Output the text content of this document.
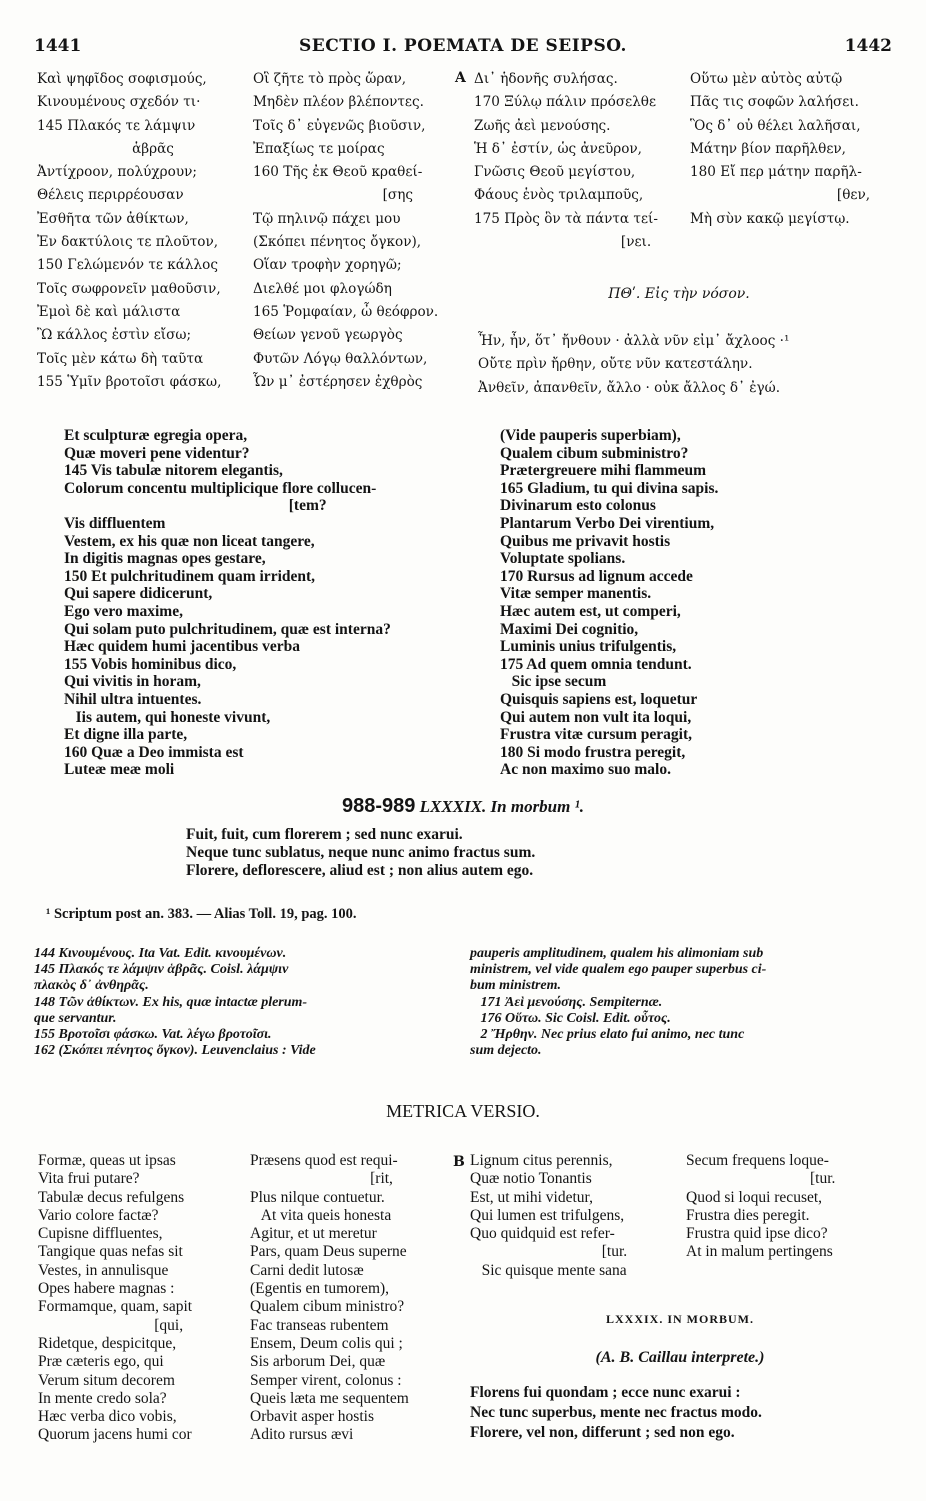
1441	SECTIO I. POEMATA DE SEIPSO.	1442
Καὶ ψηφῖδος σοφισμούς,
Κινουμένους σχεδόν τι·
145 Πλακός τε λάμψιν
ἁβρᾶς
Ἀντίχροον, πολύχρουν;
Θέλεις περιρρέουσαν
Ἐσθῆτα τῶν ἀθίκτων,
Ἐν δακτύλοις τε πλοῦτον,
150 Γελώμενόν τε κάλλος
Τοῖς σωφρονεῖν μαθοῦσιν,
Ἐμοὶ δὲ καὶ μάλιστα
Ὢ κάλλος ἐστὶν εἴσω;
Τοῖς μὲν κάτω δὴ ταῦτα
155 Ὑμῖν βροτοῖσι φάσκω,
Οἳ ζῆτε τὸ πρὸς ὥραν,
Μηδὲν πλέον βλέποντες.
Τοῖς δ᾽ εὐγενῶς βιοῦσιν,
Ἐπαξίως τε μοίρας
160 Τῆς ἐκ Θεοῦ κραθεί-
[σης
Τῷ πηλινῷ πάχει μου
(Σκόπει πένητος ὄγκον),
Οἵαν τροφὴν χορηγῶ;
Διελθέ μοι φλογώδη
165 Ῥομφαίαν, ὦ θεόφρον.
Θείων γενοῦ γεωργὸς
Φυτῶν Λόγῳ θαλλόντων,
Ὧν μ᾽ ἐστέρησεν ἐχθρὸς
A Δι᾽ ἡδονῆς συλήσας.
170 Ξύλῳ πάλιν πρόσελθε
Ζωῆς ἀεὶ μενούσης.
Ἡ δ᾽ ἐστίν, ὡς ἀνεῦρον,
Γνῶσις Θεοῦ μεγίστου,
Φάους ἑνὸς τριλαμποῦς,
175 Πρὸς ὃν τὰ πάντα τεί-
[νει.
Οὕτω μὲν αὐτὸς αὐτῷ
Πᾶς τις σοφῶν λαλήσει.
Ὃς δ᾽ οὐ θέλει λαλῆσαι,
Μάτην βίον παρῆλθεν,
180 Εἴ περ μάτην παρῆλ-
[θεν,
Μὴ σὺν κακῷ μεγίστῳ.
ΠΘʹ. Εἰς τὴν νόσον.
Ἦν, ἦν, ὅτ᾽ ἤνθουν · ἀλλὰ νῦν εἰμ᾽ ἄχλοος ·¹
Οὔτε πρὶν ἤρθην, οὔτε νῦν κατεστάλην.
Ἀνθεῖν, ἀπανθεῖν, ἄλλο · οὐκ ἄλλος δ᾽ ἐγώ.
Et sculpturæ egregia opera,
Quæ moveri pene videntur?
145 Vis tabulæ nitorem elegantis,
Colorum concentu multiplicique flore collucen-
[tem?
Vis diffluentem
Vestem, ex his quæ non liceat tangere,
In digitis magnas opes gestare,
150 Et pulchritudinem quam irrident,
Qui sapere didicerunt,
Ego vero maxime,
Qui solam puto pulchritudinem, quæ est interna?
Hæc quidem humi jacentibus verba
155 Vobis hominibus dico,
Qui vivitis in horam,
Nihil ultra intuentes.
Iis autem, qui honeste vivunt,
Et digne illa parte,
160 Quæ a Deo immista est
Luteæ meæ moli
(Vide pauperis superbiam),
Qualem cibum subministro?
Prætergreuere mihi flammeum
165 Gladium, tu qui divina sapis.
Divinarum esto colonus
Plantarum Verbo Dei virentium,
Quibus me privavit hostis
Voluptate spolians.
170 Rursus ad lignum accede
Vitæ semper manentis.
Hæc autem est, ut comperi,
Maximi Dei cognitio,
Luminis unius trifulgentis,
175 Ad quem omnia tendunt.
Sic ipse secum
Quisquis sapiens est, loquetur
Qui autem non vult ita loqui,
Frustra vitæ cursum peragit,
180 Si modo frustra peregit,
Ac non maximo suo malo.
988-989 LXXXIX. In morbum ¹.
Fuit, fuit, cum florerem ; sed nunc exarui.
Neque tunc sublatus, neque nunc animo fractus sum.
Florere, deflorescere, aliud est ; non alius autem ego.
¹ Scriptum post an. 383. — Alias Toll. 19, pag. 100.
144 Κινουμένους. Ita Vat. Edit. κινουμένων.
145 Πλακός τε λάμψιν ἁβρᾶς. Coisl. λάμψιν
πλακὸς δ᾽ ἀνθηρᾶς.
148 Τῶν ἀθίκτων. Ex his, quæ intactæ plerum-
que servantur.
155 Βροτοῖσι φάσκω. Vat. λέγω βροτοῖσι.
162 (Σκόπει πένητος ὄγκον). Leuvenclaius : Vide
pauperis amplitudinem, qualem his alimoniam sub
ministrem, vel vide qualem ego pauper superbus ci-
bum ministrem.
171 Ἀεὶ μενούσης. Sempiternæ.
176 Οὕτω. Sic Coisl. Edit. οὗτος.
2 Ἤρθην. Nec prius elato fui animo, nec tunc
sum dejecto.
METRICA VERSIO.
Formæ, queas ut ipsas
Vita frui putare?
Tabulæ decus refulgens
Vario colore factæ?
Cupisne diffluentes,
Tangique quas nefas sit
Vestes, in annulisque
Opes habere magnas :
Formamque, quam, sapit
[qui,
Ridetque, despicitque,
Præ cæteris ego, qui
Verum situm decorem
In mente credo sola?
Hæc verba dico vobis,
Quorum jacens humi cor
Præsens quod est requi-
[rit,
Plus nilque contuetur.
At vita queis honesta
Agitur, et ut meretur
Pars, quam Deus superne
Carni dedit lutosæ
(Egentis en tumorem),
Qualem cibum ministro?
Fac transeas rubentem
Ensem, Deum colis qui ;
Sis arborum Dei, quæ
Semper virent, colonus :
Queis læta me sequentem
Orbavit asper hostis
Adito rursus ævi
B Lignum citus perennis,
Quæ notio Tonantis
Est, ut mihi videtur,
Qui lumen est trifulgens,
Quo quidquid est refer-
[tur.
Sic quisque mente sana
Secum frequens loque-
[tur.
Quod si loqui recuset,
Frustra dies peregit.
Frustra quid ipse dico?
At in malum pertingens
LXXXIX. IN MORBUM.
(A. B. Caillau interprete.)
Florens fui quondam ; ecce nunc exarui :
Nec tunc superbus, mente nec fractus modo.
Florere, vel non, differunt ; sed non ego.
